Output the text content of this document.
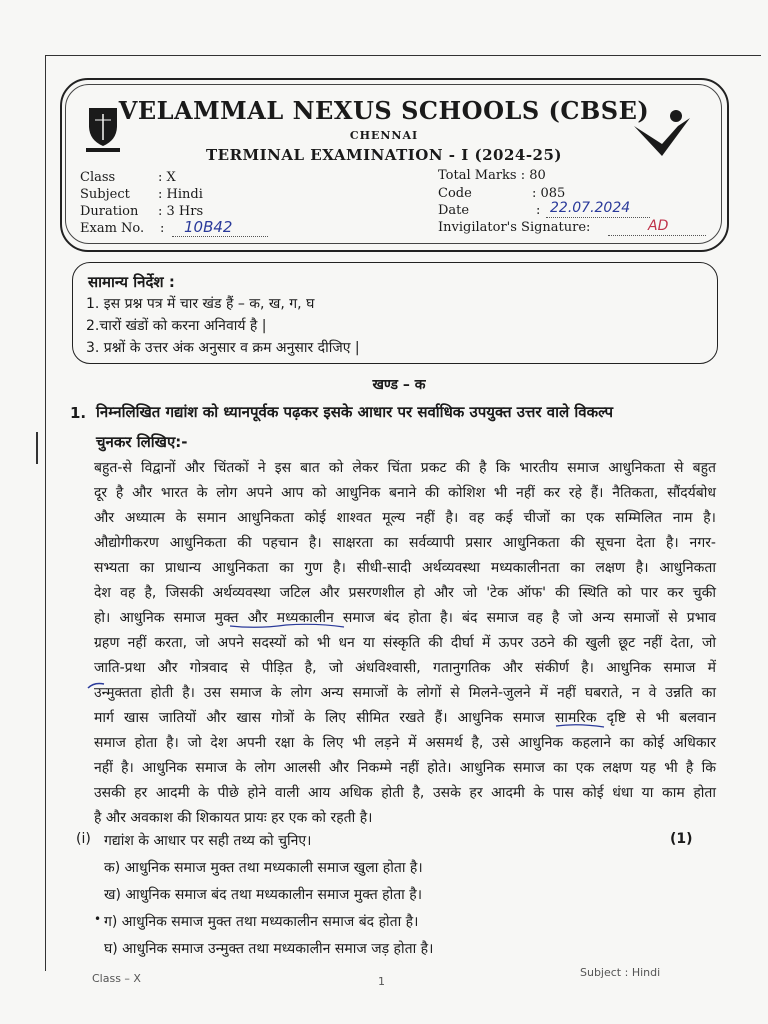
VELAMMAL NEXUS SCHOOLS (CBSE)
CHENNAI
TERMINAL EXAMINATION - I (2024-25)
Class	: X
Subject : Hindi
Duration : 3 Hrs
Exam No. : 10B42
Total Marks : 80
Code	: 085
Date	: 22.07.2024
Invigilator's Signature:	AD
सामान्य निर्देश :
1. इस प्रश्न पत्र में चार खंड हैं – क, ख, ग, घ
2.चारों खंडों को करना अनिवार्य है |
3. प्रश्नों के उत्तर अंक अनुसार व क्रम अनुसार दीजिए |
खण्ड – क
1. निम्नलिखित गद्यांश को ध्यानपूर्वक पढ़कर इसके आधार पर सर्वाधिक उपयुक्त उत्तर वाले विकल्प
चुनकर लिखिए:-
बहुत-से विद्वानों और चिंतकों ने इस बात को लेकर चिंता प्रकट की है कि भारतीय समाज आधुनिकता से बहुत
दूर है और भारत के लोग अपने आप को आधुनिक बनाने की कोशिश भी नहीं कर रहे हैं। नैतिकता, सौंदर्यबोध
और अध्यात्म के समान आधुनिकता कोई शाश्वत मूल्य नहीं है। वह कई चीजों का एक सम्मिलित नाम है।
औद्योगीकरण आधुनिकता की पहचान है। साक्षरता का सर्वव्यापी प्रसार आधुनिकता की सूचना देता है। नगर-
सभ्यता का प्राधान्य आधुनिकता का गुण है। सीधी-सादी अर्थव्यवस्था मध्यकालीनता का लक्षण है। आधुनिकता
देश वह है, जिसकी अर्थव्यवस्था जटिल और प्रसरणशील हो और जो 'टेक ऑफ' की स्थिति को पार कर चुकी
हो। आधुनिक समाज मुक्त और मध्यकालीन समाज बंद होता है। बंद समाज वह है जो अन्य समाजों से प्रभाव
ग्रहण नहीं करता, जो अपने सदस्यों को भी धन या संस्कृति की दीर्घा में ऊपर उठने की खुली छूट नहीं देता, जो
जाति-प्रथा और गोत्रवाद से पीड़ित है, जो अंधविश्वासी, गतानुगतिक और संकीर्ण है। आधुनिक समाज में
उन्मुक्तता होती है। उस समाज के लोग अन्य समाजों के लोगों से मिलने-जुलने में नहीं घबराते, न वे उन्नति का
मार्ग खास जातियों और खास गोत्रों के लिए सीमित रखते हैं। आधुनिक समाज सामरिक दृष्टि से भी बलवान
समाज होता है। जो देश अपनी रक्षा के लिए भी लड़ने में असमर्थ है, उसे आधुनिक कहलाने का कोई अधिकार
नहीं है। आधुनिक समाज के लोग आलसी और निकम्मे नहीं होते। आधुनिक समाज का एक लक्षण यह भी है कि
उसकी हर आदमी के पीछे होने वाली आय अधिक होती है, उसके हर आदमी के पास कोई धंधा या काम होता
है और अवकाश की शिकायत प्रायः हर एक को रहती है।
(i) गद्यांश के आधार पर सही तथ्य को चुनिए।	(1)
क) आधुनिक समाज मुक्त तथा मध्यकाली समाज खुला होता है।
ख) आधुनिक समाज बंद तथा मध्यकालीन समाज मुक्त होता है।
• ग) आधुनिक समाज मुक्त तथा मध्यकालीन समाज बंद होता है।
घ) आधुनिक समाज उन्मुक्त तथा मध्यकालीन समाज जड़ होता है।
Class – X	1
Subject : Hindi
